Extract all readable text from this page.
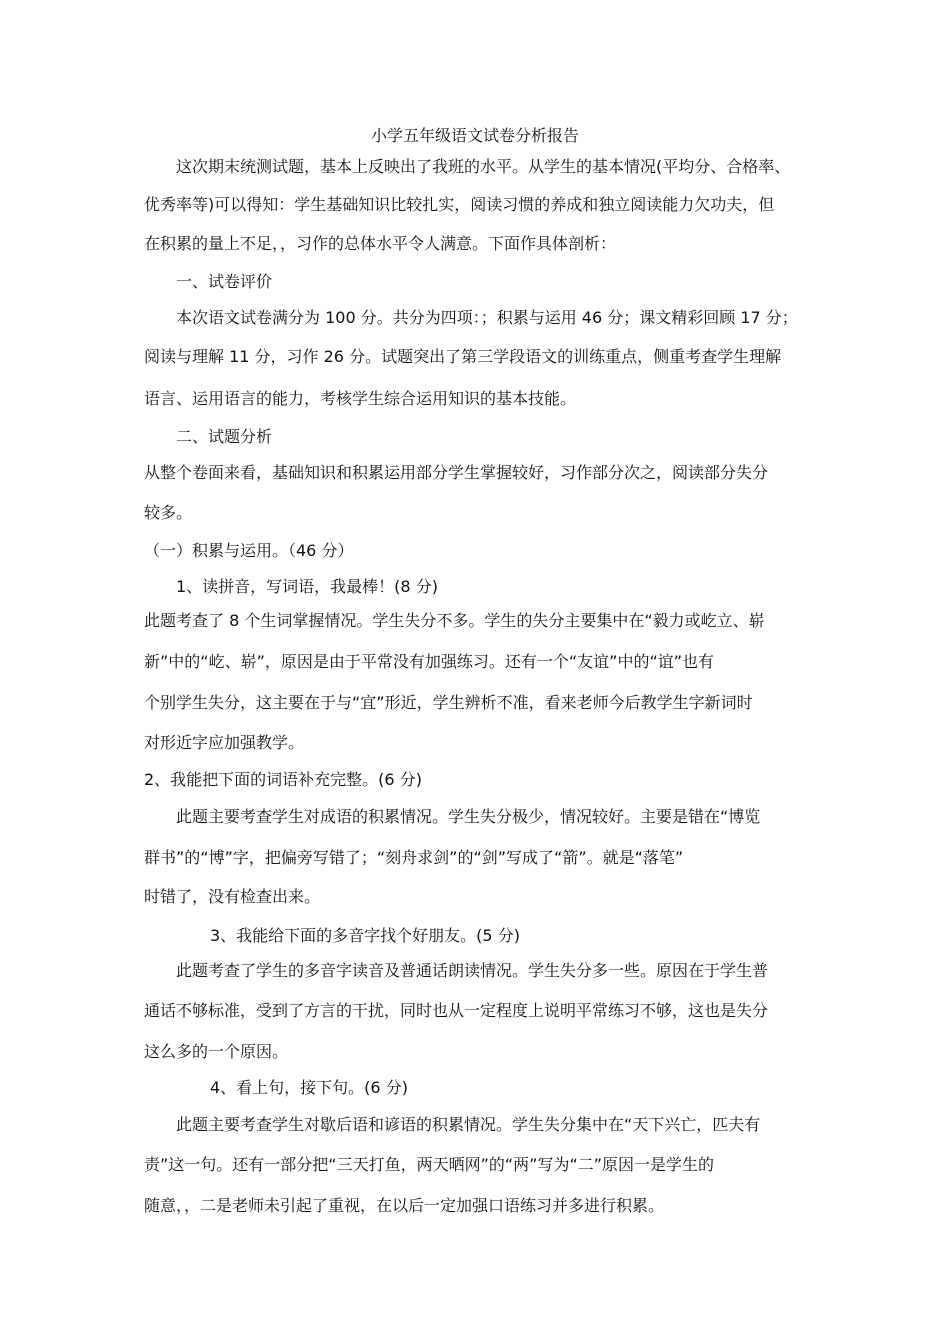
小学五年级语文试卷分析报告
这次期末统测试题，基本上反映出了我班的水平。从学生的基本情况(平均分、合格率、
优秀率等)可以得知：学生基础知识比较扎实，阅读习惯的养成和独立阅读能力欠功夫，但
在积累的量上不足，，习作的总体水平令人满意。下面作具体剖析：
一、试卷评价
本次语文试卷满分为 100 分。共分为四项：；积累与运用 46 分；课文精彩回顾 17 分；
阅读与理解 11 分，习作 26 分。试题突出了第三学段语文的训练重点，侧重考查学生理解
语言、运用语言的能力，考核学生综合运用知识的基本技能。
二、试题分析
从整个卷面来看，基础知识和积累运用部分学生掌握较好，习作部分次之，阅读部分失分
较多。
（一）积累与运用。（46 分）
1、读拼音，写词语，我最棒！(8 分)
此题考查了 8 个生词掌握情况。学生失分不多。学生的失分主要集中在“毅力或屹立、崭
新”中的“屹、崭”，原因是由于平常没有加强练习。还有一个“友谊”中的“谊”也有
个别学生失分，这主要在于与“宜”形近，学生辨析不准，看来老师今后教学生字新词时
对形近字应加强教学。
2、我能把下面的词语补充完整。(6 分)
此题主要考查学生对成语的积累情况。学生失分极少，情况较好。主要是错在“博览
群书”的“博”字，把偏旁写错了；“刻舟求剑”的“剑”写成了“箭”。就是“落笔”
时错了，没有检查出来。
3、我能给下面的多音字找个好朋友。(5 分)
此题考查了学生的多音字读音及普通话朗读情况。学生失分多一些。原因在于学生普
通话不够标准，受到了方言的干扰，同时也从一定程度上说明平常练习不够，这也是失分
这么多的一个原因。
4、看上句，接下句。(6 分)
此题主要考查学生对歇后语和谚语的积累情况。学生失分集中在“天下兴亡，匹夫有
责”这一句。还有一部分把“三天打鱼，两天晒网”的“两”写为“二”原因一是学生的
随意，，二是老师未引起了重视，在以后一定加强口语练习并多进行积累。
